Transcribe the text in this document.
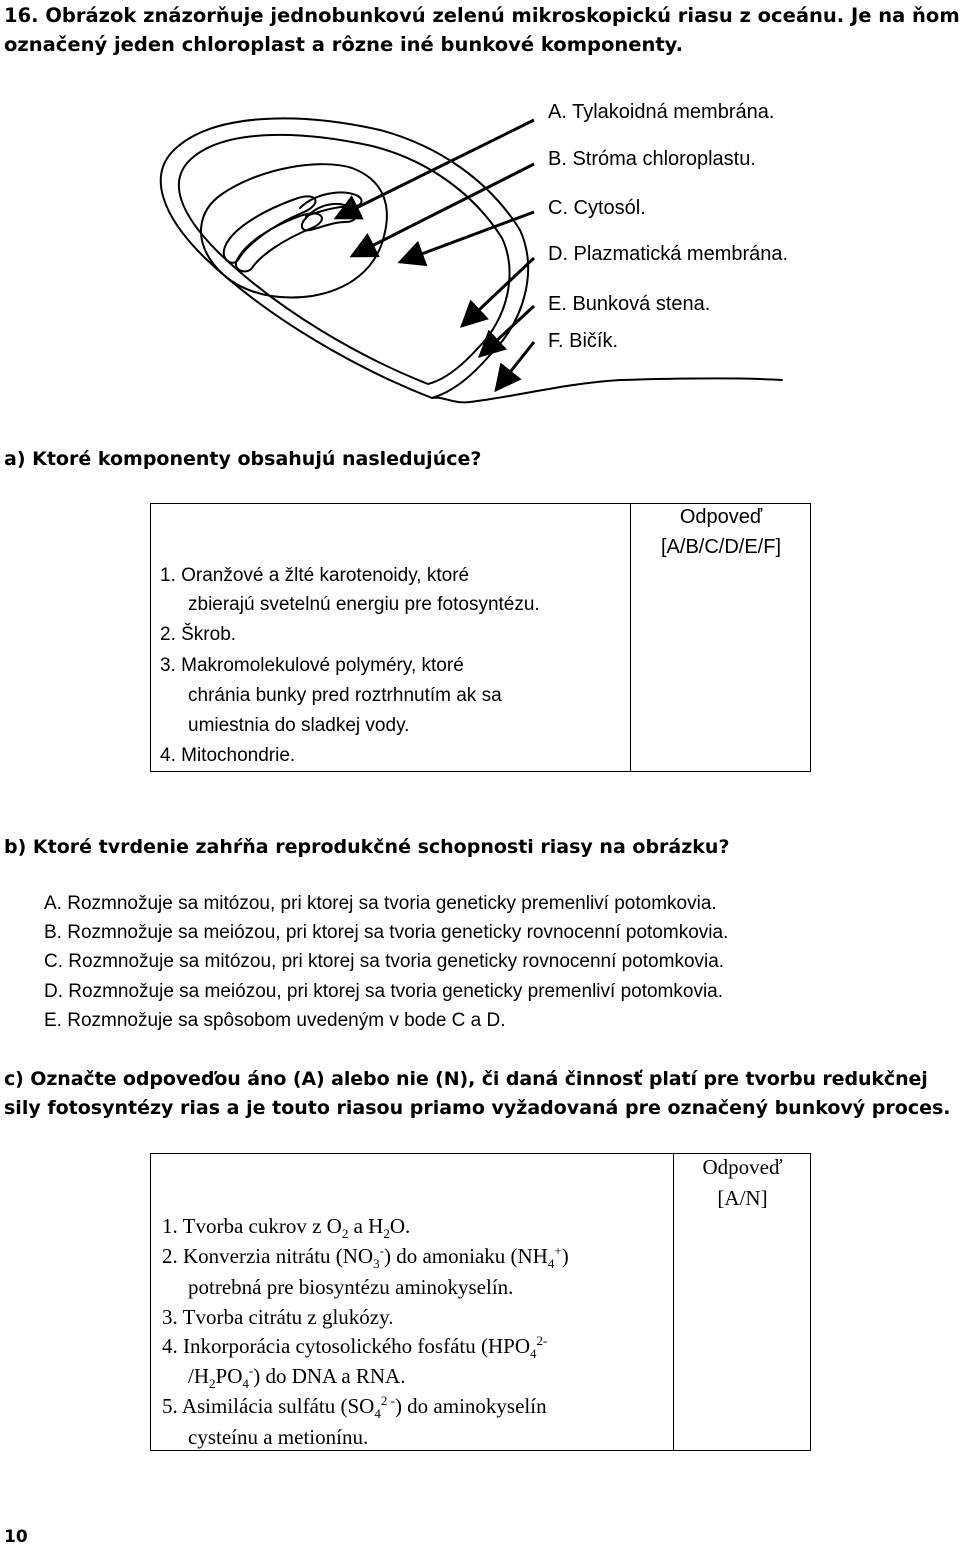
16. Obrázok znázorňuje jednobunkovú zelenú mikroskopickú riasu z oceánu. Je na ňom
označený jeden chloroplast a rôzne iné bunkové komponenty.
A. Tylakoidná membrána.
B. Stróma chloroplastu.
C. Cytosól.
D. Plazmatická membrána.
E. Bunková stena.
F. Bičík.
a) Ktoré komponenty obsahujú nasledujúce?
Odpoveď
[A/B/C/D/E/F]
1. Oranžové a žlté karotenoidy, ktoré
zbierajú svetelnú energiu pre fotosyntézu.
2. Škrob.
3. Makromolekulové polyméry, ktoré
chránia bunky pred roztrhnutím ak sa
umiestnia do sladkej vody.
4. Mitochondrie.
b) Ktoré tvrdenie zahŕňa reprodukčné schopnosti riasy na obrázku?
A. Rozmnožuje sa mitózou, pri ktorej sa tvoria geneticky premenliví potomkovia.
B. Rozmnožuje sa meiózou, pri ktorej sa tvoria geneticky rovnocenní potomkovia.
C. Rozmnožuje sa mitózou, pri ktorej sa tvoria geneticky rovnocenní potomkovia.
D. Rozmnožuje sa meiózou, pri ktorej sa tvoria geneticky premenliví potomkovia.
E. Rozmnožuje sa spôsobom uvedeným v bode C a D.
c) Označte odpoveďou áno (A) alebo nie (N), či daná činnosť platí pre tvorbu redukčnej
sily fotosyntézy rias a je touto riasou priamo vyžadovaná pre označený bunkový proces.
Odpoveď
[A/N]
1. Tvorba cukrov z $O_2$ a $H_2O$.
2. Konverzia nitrátu $(NO_3^-)$ do amoniaku $(NH_4^+)$
potrebná pre biosyntézu aminokyselín.
3. Tvorba citrátu z glukózy.
4. Inkorporácia cytosolického fosfátu ($HPO_4^{2-}$
$/H_2PO_4^-$) do DNA a RNA.
5. Asimilácia sulfátu $(SO_4^{2 -})$ do aminokyselín
cysteínu a metionínu.
10
